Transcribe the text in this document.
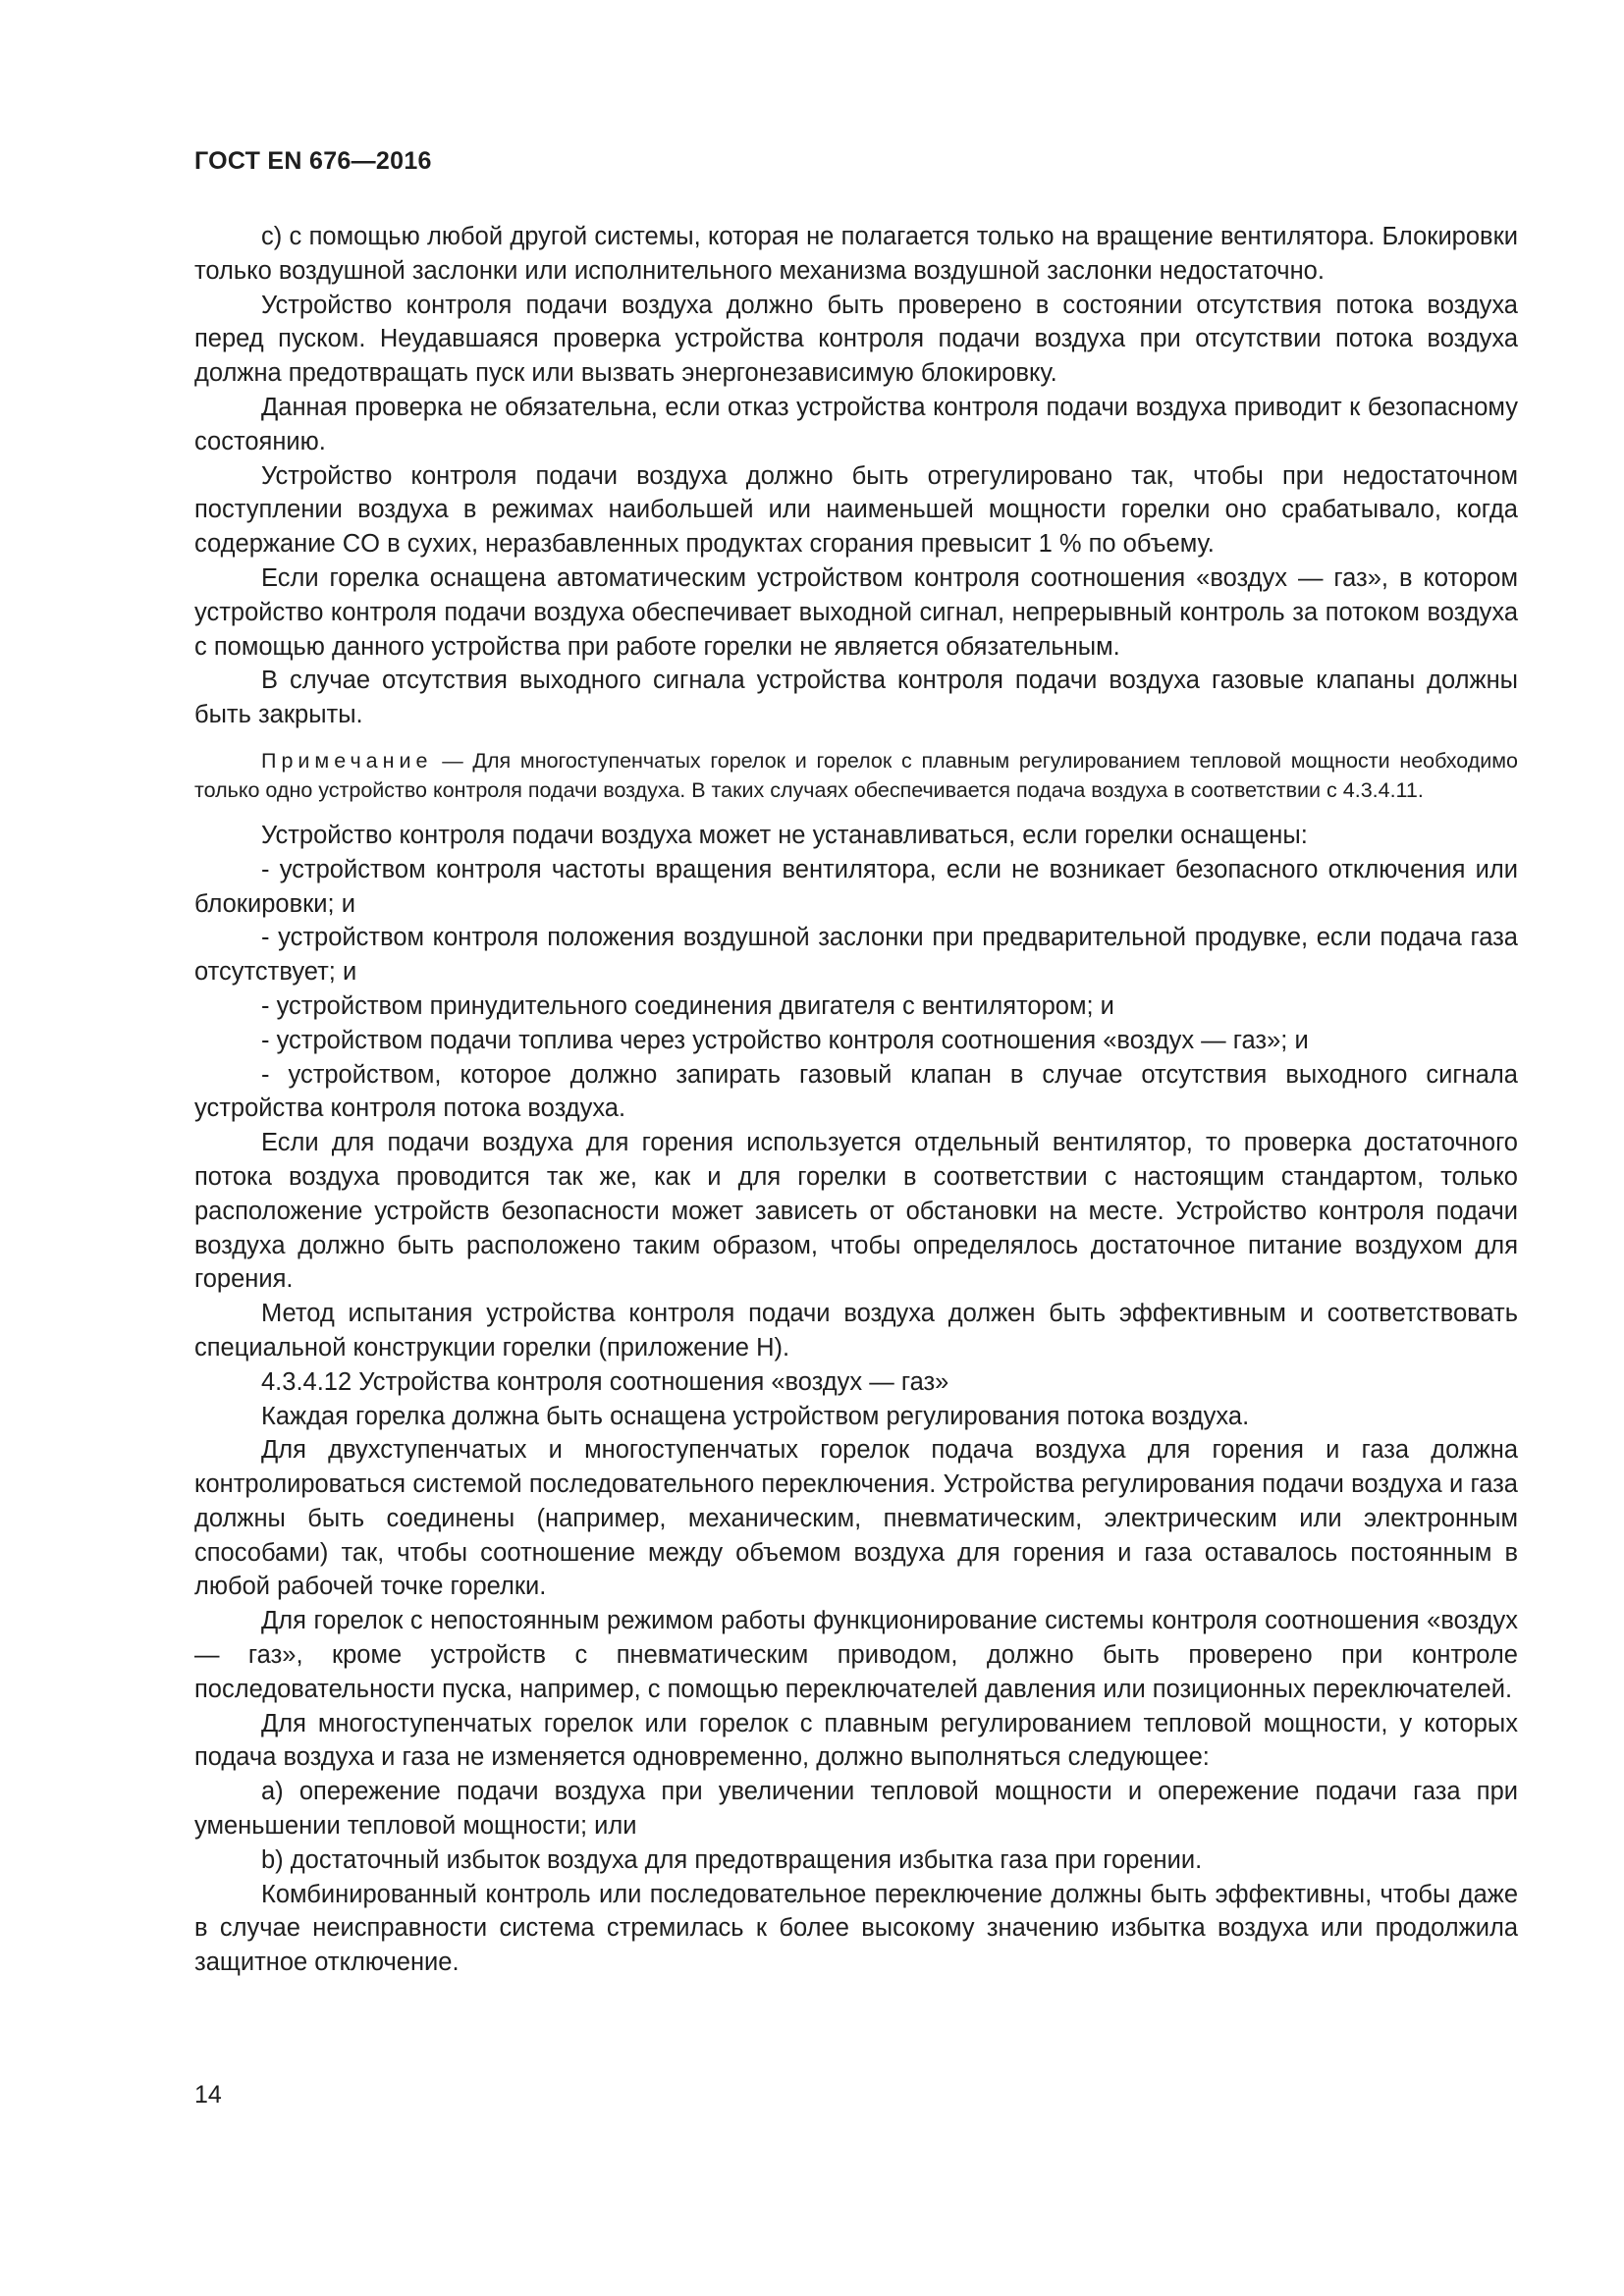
ГОСТ EN 676—2016

c) с помощью любой другой системы, которая не полагается только на вращение вентилятора. Блокировки только воздушной заслонки или исполнительного механизма воздушной заслонки недостаточно.

Устройство контроля подачи воздуха должно быть проверено в состоянии отсутствия потока воздуха перед пуском. Неудавшаяся проверка устройства контроля подачи воздуха при отсутствии потока воздуха должна предотвращать пуск или вызвать энергонезависимую блокировку.

Данная проверка не обязательна, если отказ устройства контроля подачи воздуха приводит к безопасному состоянию.

Устройство контроля подачи воздуха должно быть отрегулировано так, чтобы при недостаточном поступлении воздуха в режимах наибольшей или наименьшей мощности горелки оно срабатывало, когда содержание CO в сухих, неразбавленных продуктах сгорания превысит 1 % по объему.

Если горелка оснащена автоматическим устройством контроля соотношения «воздух — газ», в котором устройство контроля подачи воздуха обеспечивает выходной сигнал, непрерывный контроль за потоком воздуха с помощью данного устройства при работе горелки не является обязательным.

В случае отсутствия выходного сигнала устройства контроля подачи воздуха газовые клапаны должны быть закрыты.

Примечание — Для многоступенчатых горелок и горелок с плавным регулированием тепловой мощности необходимо только одно устройство контроля подачи воздуха. В таких случаях обеспечивается подача воздуха в соответствии с 4.3.4.11.

Устройство контроля подачи воздуха может не устанавливаться, если горелки оснащены:

- устройством контроля частоты вращения вентилятора, если не возникает безопасного отключения или блокировки; и

- устройством контроля положения воздушной заслонки при предварительной продувке, если подача газа отсутствует; и

- устройством принудительного соединения двигателя с вентилятором; и

- устройством подачи топлива через устройство контроля соотношения «воздух — газ»; и

- устройством, которое должно запирать газовый клапан в случае отсутствия выходного сигнала устройства контроля потока воздуха.

Если для подачи воздуха для горения используется отдельный вентилятор, то проверка достаточного потока воздуха проводится так же, как и для горелки в соответствии с настоящим стандартом, только расположение устройств безопасности может зависеть от обстановки на месте. Устройство контроля подачи воздуха должно быть расположено таким образом, чтобы определялось достаточное питание воздухом для горения.

Метод испытания устройства контроля подачи воздуха должен быть эффективным и соответствовать специальной конструкции горелки (приложение H).

4.3.4.12 Устройства контроля соотношения «воздух — газ»

Каждая горелка должна быть оснащена устройством регулирования потока воздуха.

Для двухступенчатых и многоступенчатых горелок подача воздуха для горения и газа должна контролироваться системой последовательного переключения. Устройства регулирования подачи воздуха и газа должны быть соединены (например, механическим, пневматическим, электрическим или электронным способами) так, чтобы соотношение между объемом воздуха для горения и газа оставалось постоянным в любой рабочей точке горелки.

Для горелок с непостоянным режимом работы функционирование системы контроля соотношения «воздух — газ», кроме устройств с пневматическим приводом, должно быть проверено при контроле последовательности пуска, например, с помощью переключателей давления или позиционных переключателей.

Для многоступенчатых горелок или горелок с плавным регулированием тепловой мощности, у которых подача воздуха и газа не изменяется одновременно, должно выполняться следующее:

a) опережение подачи воздуха при увеличении тепловой мощности и опережение подачи газа при уменьшении тепловой мощности; или

b) достаточный избыток воздуха для предотвращения избытка газа при горении.

Комбинированный контроль или последовательное переключение должны быть эффективны, чтобы даже в случае неисправности система стремилась к более высокому значению избытка воздуха или продолжила защитное отключение.

14
